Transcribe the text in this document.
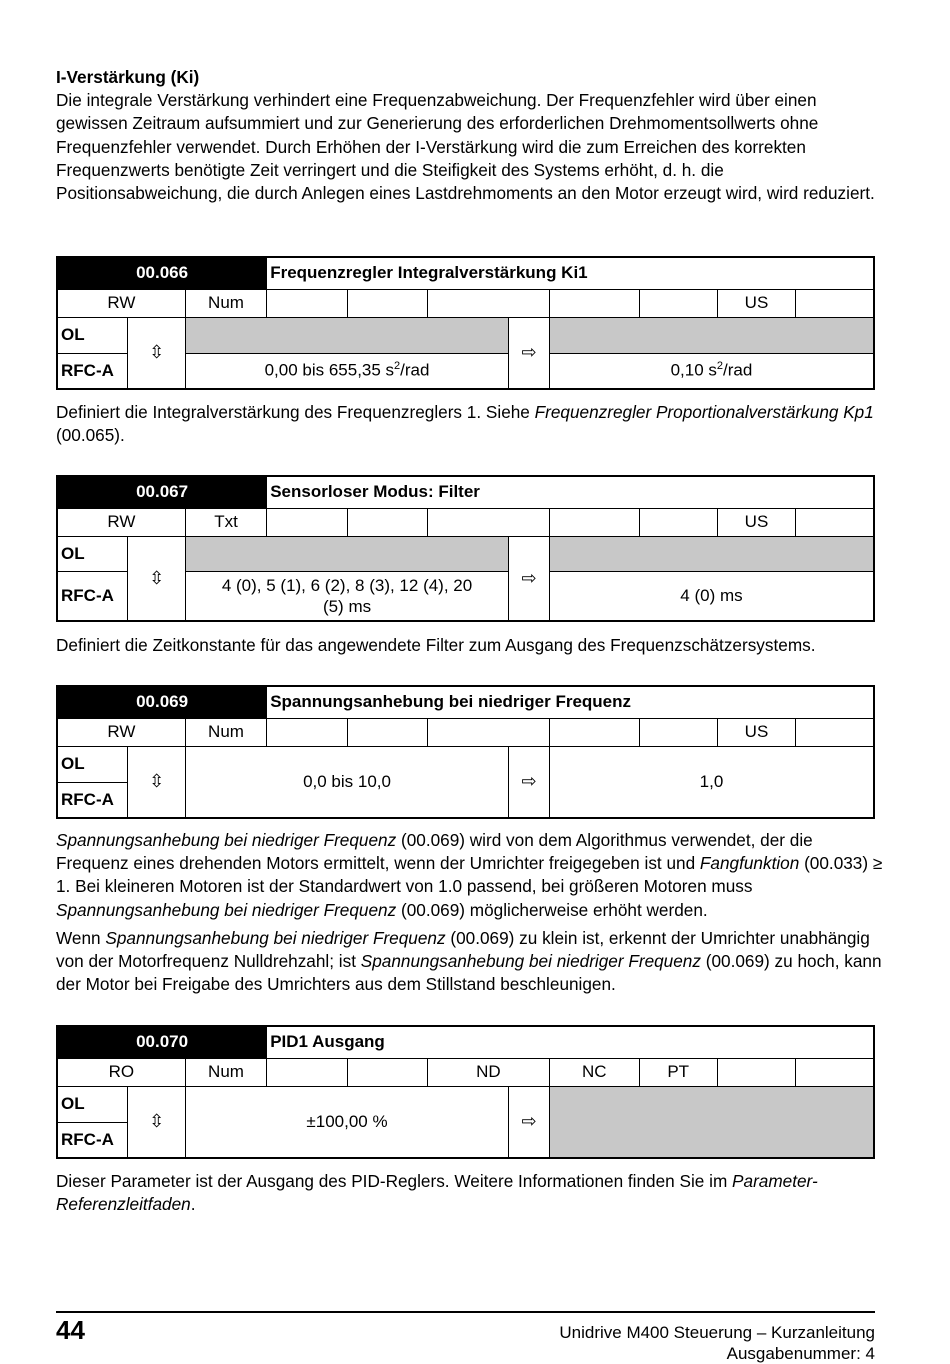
I-Verstärkung (Ki)
Die integrale Verstärkung verhindert eine Frequenzabweichung. Der Frequenzfehler wird über einen gewissen Zeitraum aufsummiert und zur Generierung des erforderlichen Drehmomentsollwerts ohne Frequenzfehler verwendet. Durch Erhöhen der I-Verstärkung wird die zum Erreichen des korrekten Frequenzwerts benötigte Zeit verringert und die Steifigkeit des Systems erhöht, d. h. die Positionsabweichung, die durch Anlegen eines Lastdrehmoments an den Motor erzeugt wird, wird reduziert.
00.066			Frequenzregler Integralverstärkung Ki1							
RW		Num							US	
OL	⇳					⇨				
RFC-A		0,00 bis 655,35 $s^2$/rad					0,10 $s^2$/rad			
Definiert die Integralverstärkung des Frequenzreglers 1. Siehe Frequenzregler Proportionalverstärkung Kp1 (00.065).
00.067			Sensorloser Modus: Filter							
RW		Txt							US	
OL	⇳					⇨				
RFC-A		4 (0), 5 (1), 6 (2), 8 (3), 12 (4), 20 (5) ms					4 (0) ms			
Definiert die Zeitkonstante für das angewendete Filter zum Ausgang des Frequenzschätzersystems.
00.069			Spannungsanhebung bei niedriger Frequenz							
RW		Num							US	
OL	⇳	0,0 bis 10,0				⇨	1,0			
RFC-A										
Spannungsanhebung bei niedriger Frequenz (00.069) wird von dem Algorithmus verwendet, der die Frequenz eines drehenden Motors ermittelt, wenn der Umrichter freigegeben ist und Fangfunktion (00.033) ≥ 1. Bei kleineren Motoren ist der Standardwert von 1.0 passend, bei größeren Motoren muss Spannungsanhebung bei niedriger Frequenz (00.069) möglicherweise erhöht werden.
Wenn Spannungsanhebung bei niedriger Frequenz (00.069) zu klein ist, erkennt der Umrichter unabhängig von der Motorfrequenz Nulldrehzahl; ist Spannungsanhebung bei niedriger Frequenz (00.069) zu hoch, kann der Motor bei Freigabe des Umrichters aus dem Stillstand beschleunigen.
00.070			PID1 Ausgang							
RO		Num			ND		NC	PT		
OL	⇳	±100,00 %				⇨				
RFC-A										
Dieser Parameter ist der Ausgang des PID-Reglers. Weitere Informationen finden Sie im Parameter-Referenzleitfaden.
44	Unidrive M400 Steuerung – Kurzanleitung
Ausgabenummer: 4
